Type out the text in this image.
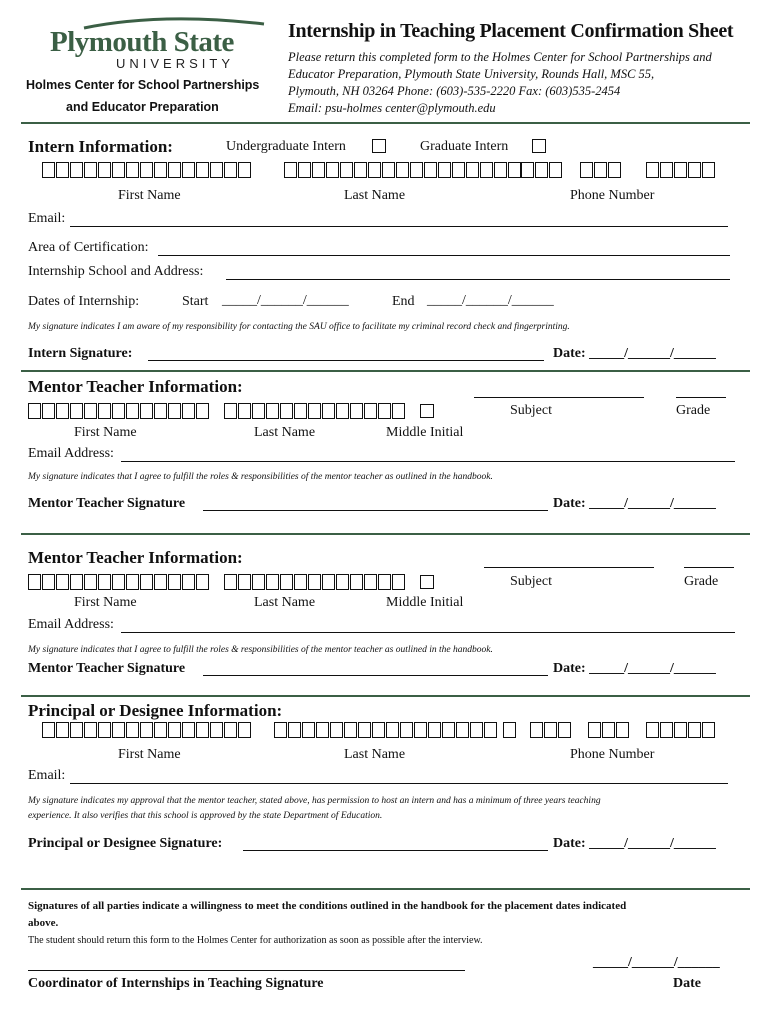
Plymouth State
UNIVERSITY
Holmes Center for School Partnerships
and Educator Preparation
Internship in Teaching Placement Confirmation Sheet
Please return this completed form to the Holmes Center for School Partnerships and
Educator Preparation, Plymouth State University, Rounds Hall, MSC 55,
Plymouth, NH 03264 Phone: (603)-535-2220 Fax: (603)535-2454
Email: psu-holmes center@plymouth.edu
Intern Information:	Undergraduate Intern	Graduate Intern
First Name	Last Name	Phone Number
Email:
Area of Certification:
Internship School and Address:
Dates of Internship:	Start _____/______/______	End _____/______/______
My signature indicates I am aware of my responsibility for contacting the SAU office to facilitate my criminal record check and fingerprinting.
Intern Signature:	Date: _____/______/______
Mentor Teacher Information:
Subject	Grade
First Name	Last Name	Middle Initial
Email Address:
My signature indicates that I agree to fulfill the roles & responsibilities of the mentor teacher as outlined in the handbook.
Mentor Teacher Signature	Date: _____/______/______
Mentor Teacher Information:
Subject	Grade
First Name	Last Name	Middle Initial
Email Address:
My signature indicates that I agree to fulfill the roles & responsibilities of the mentor teacher as outlined in the handbook.
Mentor Teacher Signature	Date: _____/______/______
Principal or Designee Information:
First Name	Last Name	Phone Number
Email:
My signature indicates my approval that the mentor teacher, stated above, has permission to host an intern and has a minimum of three years teaching
experience. It also verifies that this school is approved by the state Department of Education.
Principal or Designee Signature:	Date: _____/______/______
Signatures of all parties indicate a willingness to meet the conditions outlined in the handbook for the placement dates indicated
above.
The student should return this form to the Holmes Center for authorization as soon as possible after the interview.
_____/______/______
Coordinator of Internships in Teaching Signature	Date
